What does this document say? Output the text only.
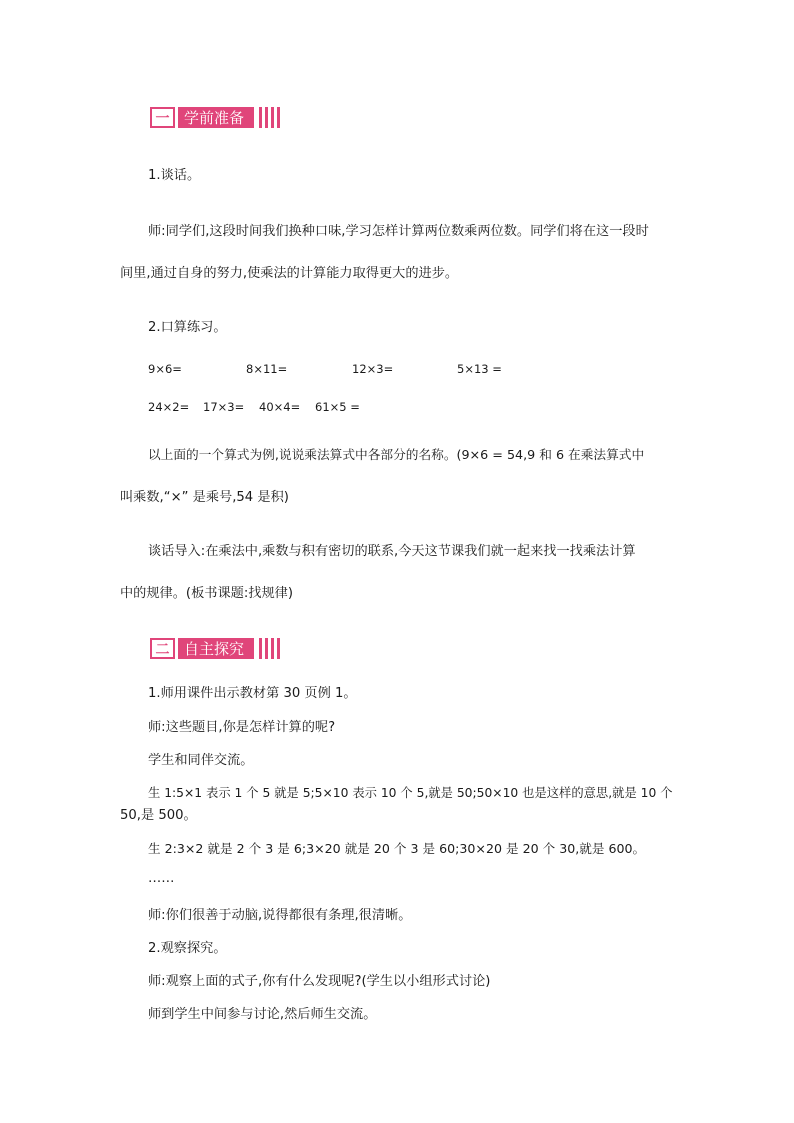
一 学前准备
1.谈话。
师:同学们,这段时间我们换种口味,学习怎样计算两位数乘两位数。同学们将在这一段时
间里,通过自身的努力,使乘法的计算能力取得更大的进步。
2.口算练习。
9×6=	8×11=	12×3=	5×13 =
24×2= 17×3= 40×4= 61×5 =
以上面的一个算式为例,说说乘法算式中各部分的名称。(9×6 = 54,9 和 6 在乘法算式中
叫乘数,“×” 是乘号,54 是积)
谈话导入:在乘法中,乘数与积有密切的联系,今天这节课我们就一起来找一找乘法计算
中的规律。(板书课题:找规律)
二 自主探究
1.师用课件出示教材第 30 页例 1。
师:这些题目,你是怎样计算的呢?
学生和同伴交流。
生 1:5×1 表示 1 个 5 就是 5;5×10 表示 10 个 5,就是 50;50×10 也是这样的意思,就是 10 个
50,是 500。
生 2:3×2 就是 2 个 3 是 6;3×20 就是 20 个 3 是 60;30×20 是 20 个 30,就是 600。
……
师:你们很善于动脑,说得都很有条理,很清晰。
2.观察探究。
师:观察上面的式子,你有什么发现呢?(学生以小组形式讨论)
师到学生中间参与讨论,然后师生交流。
